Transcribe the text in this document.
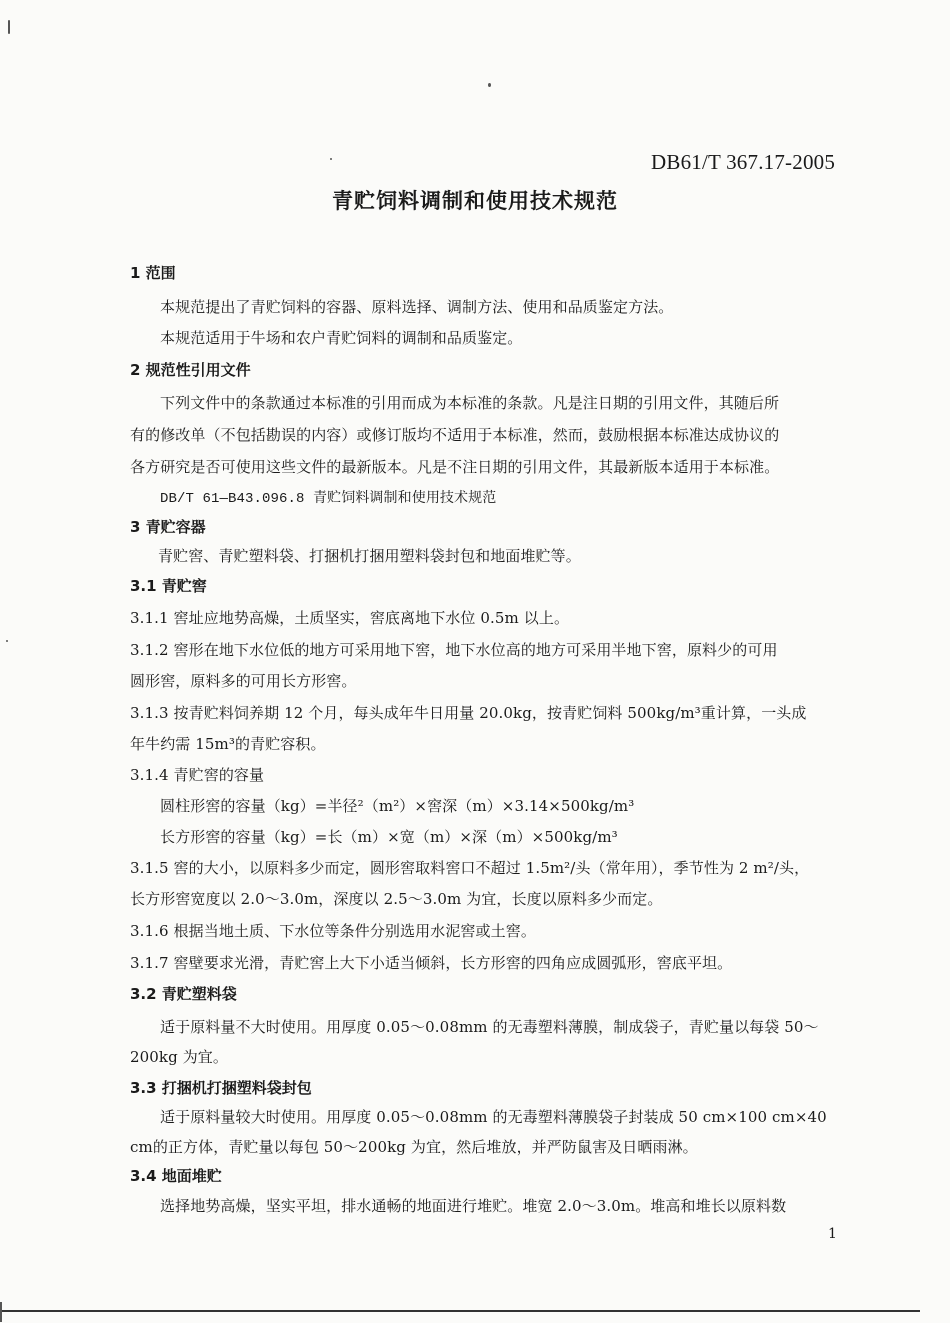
DB61/T 367.17-2005
青贮饲料调制和使用技术规范
1 范围
本规范提出了青贮饲料的容器、原料选择、调制方法、使用和品质鉴定方法。
本规范适用于牛场和农户青贮饲料的调制和品质鉴定。
2 规范性引用文件
下列文件中的条款通过本标准的引用而成为本标准的条款。凡是注日期的引用文件，其随后所
有的修改单（不包括勘误的内容）或修订版均不适用于本标准，然而，鼓励根据本标准达成协议的
各方研究是否可使用这些文件的最新版本。凡是不注日期的引用文件，其最新版本适用于本标准。
DB/T 61—B43.096.8 青贮饲料调制和使用技术规范
3 青贮容器
青贮窖、青贮塑料袋、打捆机打捆用塑料袋封包和地面堆贮等。
3.1 青贮窖
3.1.1 窖址应地势高燥，土质坚实，窖底离地下水位 0.5m 以上。
3.1.2 窖形在地下水位低的地方可采用地下窖，地下水位高的地方可采用半地下窖，原料少的可用
圆形窖，原料多的可用长方形窖。
3.1.3 按青贮料饲养期 12 个月，每头成年牛日用量 20.0kg，按青贮饲料 500kg/m³重计算，一头成
年牛约需 15m³的青贮容积。
3.1.4 青贮窖的容量
圆柱形窖的容量（kg）=半径²（m²）×窖深（m）×3.14×500kg/m³
长方形窖的容量（kg）=长（m）×宽（m）×深（m）×500kg/m³
3.1.5 窖的大小，以原料多少而定，圆形窖取料窖口不超过 1.5m²/头（常年用），季节性为 2 m²/头，
长方形窖宽度以 2.0～3.0m，深度以 2.5～3.0m 为宜，长度以原料多少而定。
3.1.6 根据当地土质、下水位等条件分别选用水泥窖或土窖。
3.1.7 窖壁要求光滑，青贮窖上大下小适当倾斜，长方形窖的四角应成圆弧形，窖底平坦。
3.2 青贮塑料袋
适于原料量不大时使用。用厚度 0.05～0.08mm 的无毒塑料薄膜，制成袋子，青贮量以每袋 50～
200kg 为宜。
3.3 打捆机打捆塑料袋封包
适于原料量较大时使用。用厚度 0.05～0.08mm 的无毒塑料薄膜袋子封装成 50 cm×100 cm×40
cm的正方体，青贮量以每包 50～200kg 为宜，然后堆放，并严防鼠害及日晒雨淋。
3.4 地面堆贮
选择地势高燥，坚实平坦，排水通畅的地面进行堆贮。堆宽 2.0～3.0m。堆高和堆长以原料数
1
